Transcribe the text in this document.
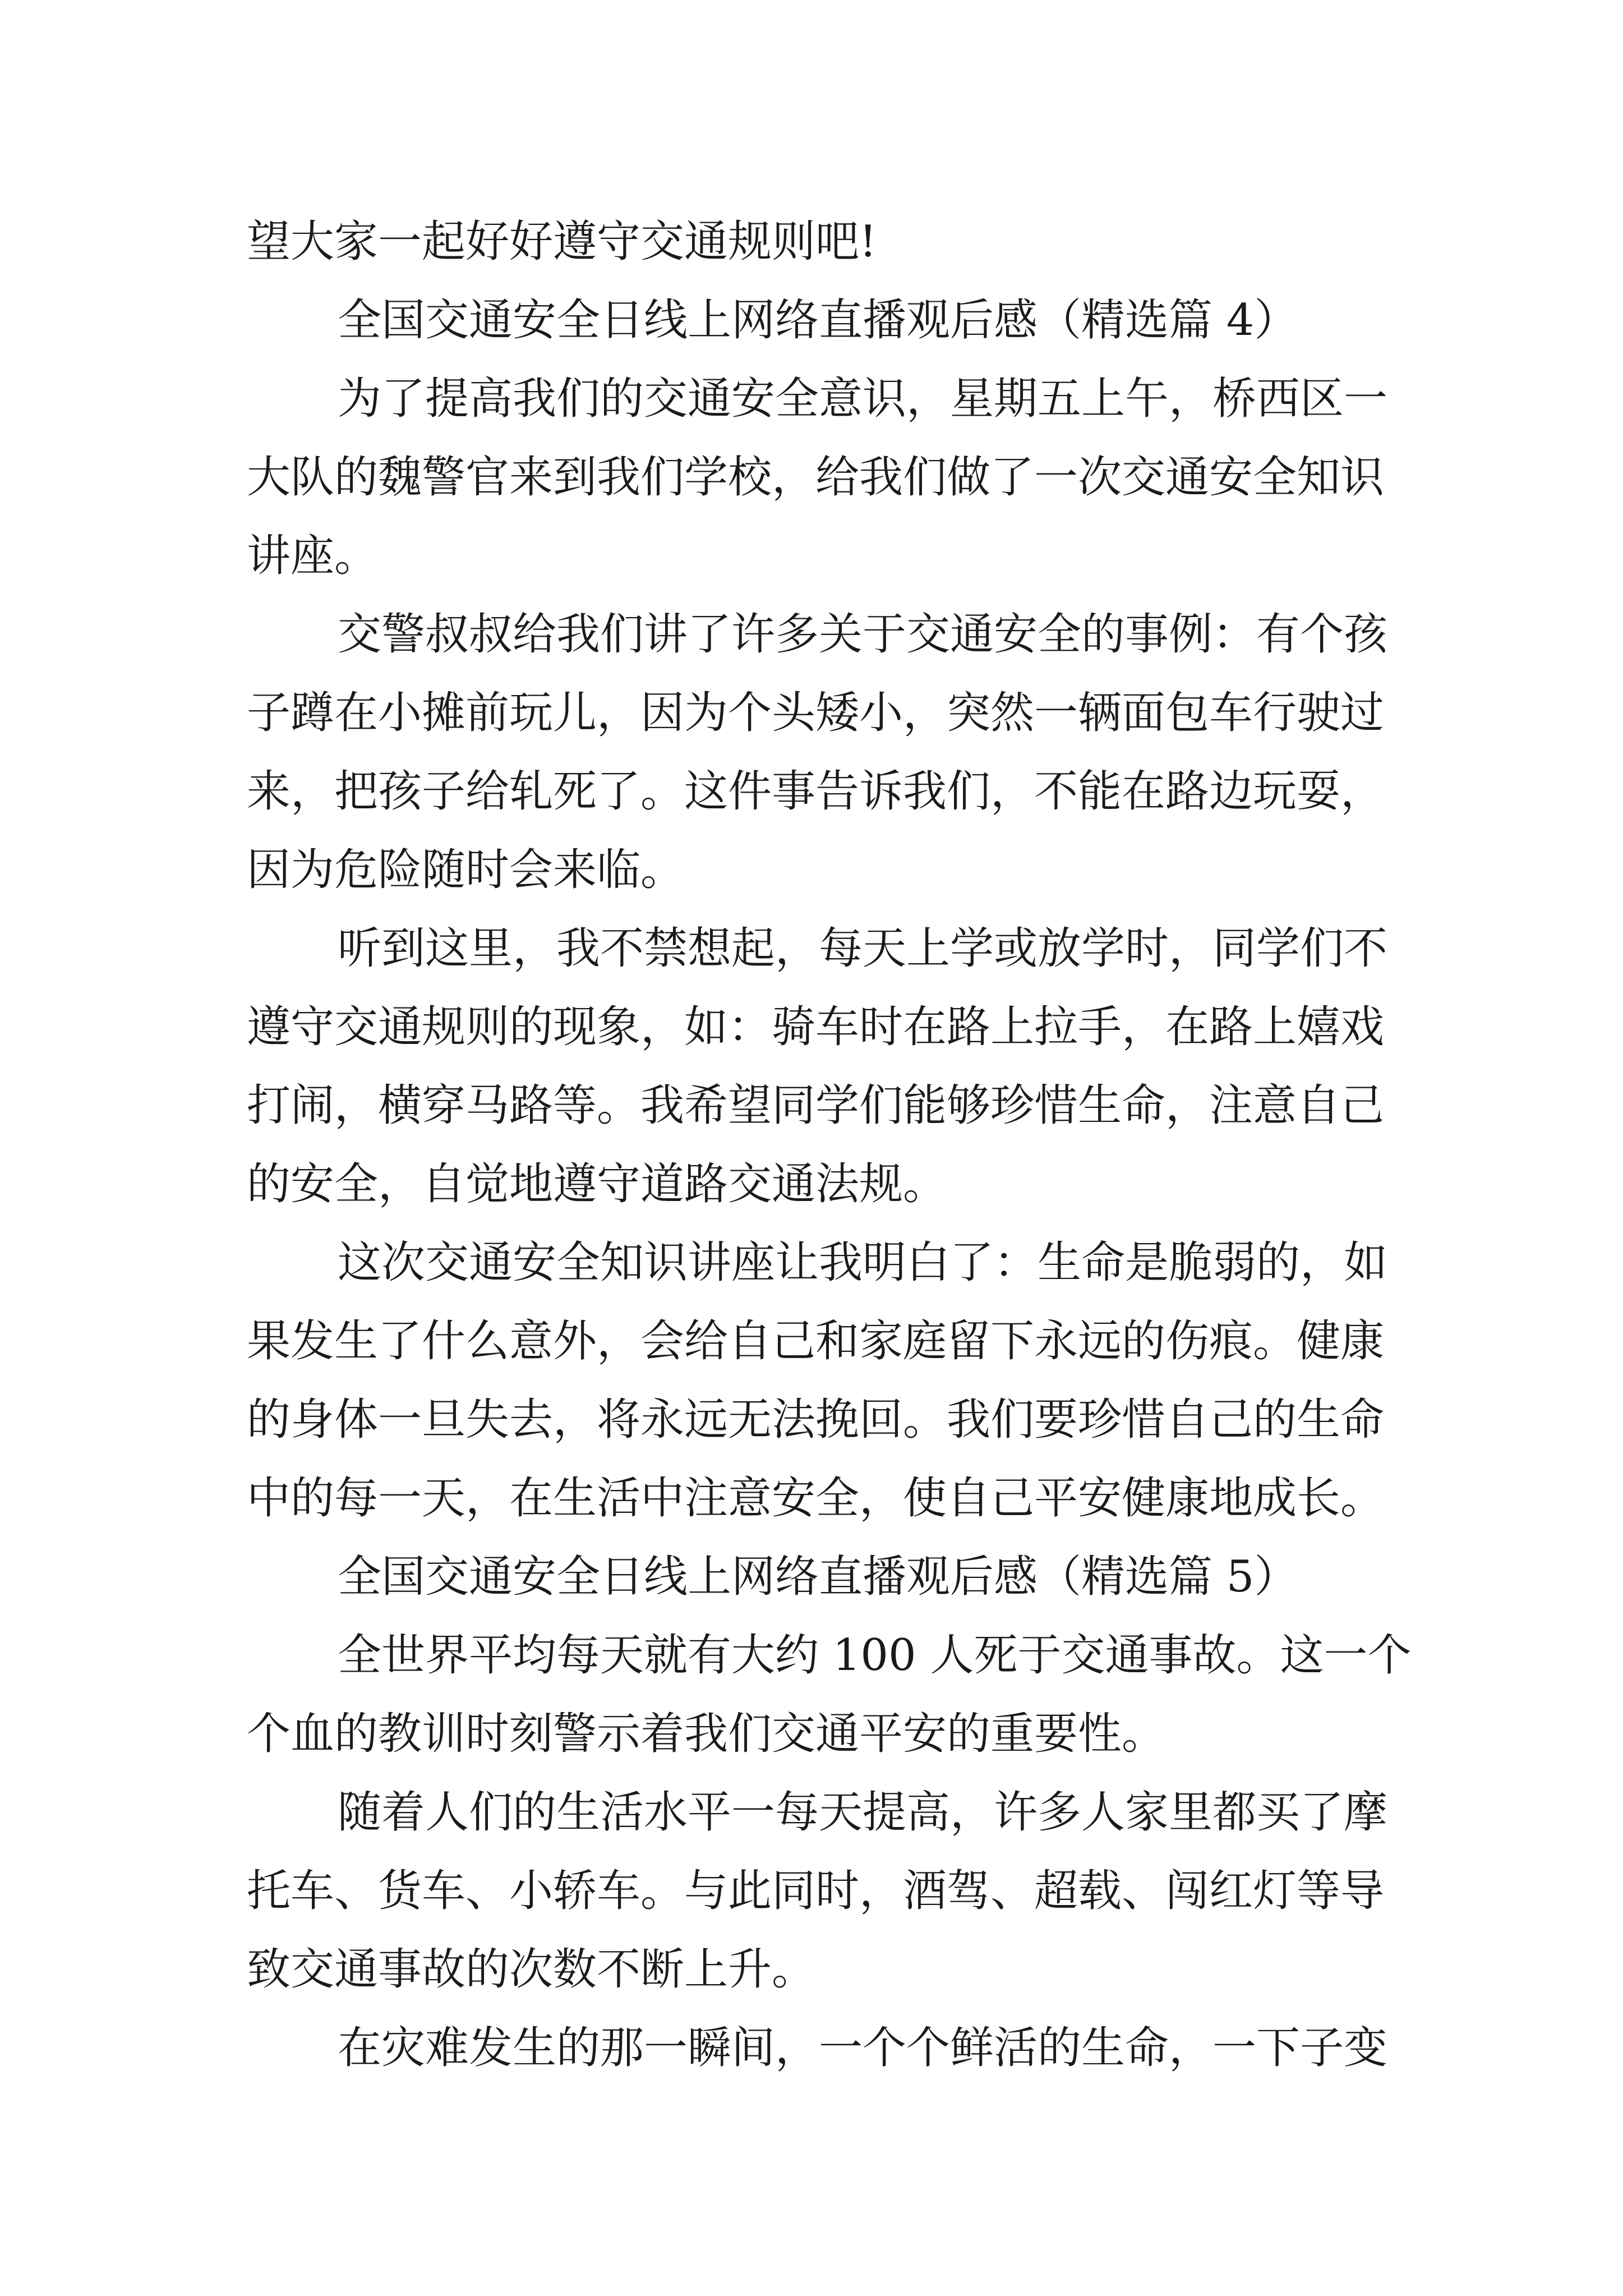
望大家一起好好遵守交通规则吧!

全国交通安全日线上网络直播观后感（精选篇 4）

为了提高我们的交通安全意识，星期五上午，桥西区一

大队的魏警官来到我们学校，给我们做了一次交通安全知识

讲座。

交警叔叔给我们讲了许多关于交通安全的事例：有个孩

子蹲在小摊前玩儿，因为个头矮小，突然一辆面包车行驶过

来，把孩子给轧死了。这件事告诉我们，不能在路边玩耍，

因为危险随时会来临。

听到这里，我不禁想起，每天上学或放学时，同学们不

遵守交通规则的现象，如：骑车时在路上拉手，在路上嬉戏

打闹，横穿马路等。我希望同学们能够珍惜生命，注意自己

的安全，自觉地遵守道路交通法规。

这次交通安全知识讲座让我明白了：生命是脆弱的，如

果发生了什么意外，会给自己和家庭留下永远的伤痕。健康

的身体一旦失去，将永远无法挽回。我们要珍惜自己的生命

中的每一天，在生活中注意安全，使自己平安健康地成长。

全国交通安全日线上网络直播观后感（精选篇 5）

全世界平均每天就有大约 100 人死于交通事故。这一个

个血的教训时刻警示着我们交通平安的重要性。

随着人们的生活水平一每天提高，许多人家里都买了摩

托车、货车、小轿车。与此同时，酒驾、超载、闯红灯等导

致交通事故的次数不断上升。

在灾难发生的那一瞬间，一个个鲜活的生命，一下子变
